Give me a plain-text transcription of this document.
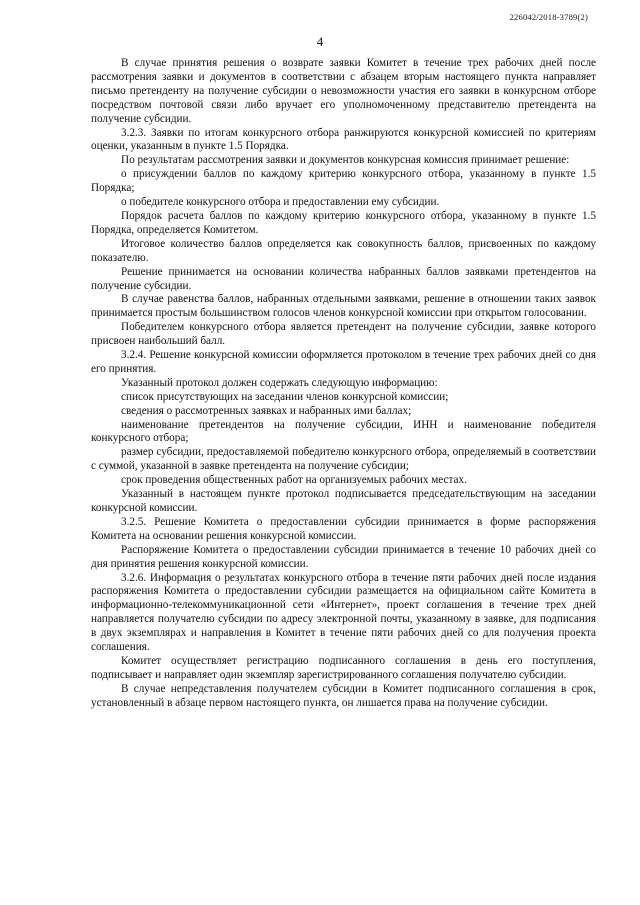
226042/2018-3789(2)
4

В случае принятия решения о возврате заявки Комитет в течение трех рабочих дней после рассмотрения заявки и документов в соответствии с абзацем вторым настоящего пункта направляет письмо претенденту на получение субсидии о невозможности участия его заявки в конкурсном отборе посредством почтовой связи либо вручает его уполномоченному представителю претендента на получение субсидии.

3.2.3. Заявки по итогам конкурсного отбора ранжируются конкурсной комиссией по критериям оценки, указанным в пункте 1.5 Порядка.

По результатам рассмотрения заявки и документов конкурсная комиссия принимает решение:

о присуждении баллов по каждому критерию конкурсного отбора, указанному в пункте 1.5 Порядка;

о победителе конкурсного отбора и предоставлении ему субсидии.

Порядок расчета баллов по каждому критерию конкурсного отбора, указанному в пункте 1.5 Порядка, определяется Комитетом.

Итоговое количество баллов определяется как совокупность баллов, присвоенных по каждому показателю.

Решение принимается на основании количества набранных баллов заявками претендентов на получение субсидии.

В случае равенства баллов, набранных отдельными заявками, решение в отношении таких заявок принимается простым большинством голосов членов конкурсной комиссии при открытом голосовании.

Победителем конкурсного отбора является претендент на получение субсидии, заявке которого присвоен наибольший балл.

3.2.4. Решение конкурсной комиссии оформляется протоколом в течение трех рабочих дней со дня его принятия.

Указанный протокол должен содержать следующую информацию:

список присутствующих на заседании членов конкурсной комиссии;

сведения о рассмотренных заявках и набранных ими баллах;

наименование претендентов на получение субсидии, ИНН и наименование победителя конкурсного отбора;

размер субсидии, предоставляемой победителю конкурсного отбора, определяемый в соответствии с суммой, указанной в заявке претендента на получение субсидии;

срок проведения общественных работ на организуемых рабочих местах.

Указанный в настоящем пункте протокол подписывается председательствующим на заседании конкурсной комиссии.

3.2.5. Решение Комитета о предоставлении субсидии принимается в форме распоряжения Комитета на основании решения конкурсной комиссии.

Распоряжение Комитета о предоставлении субсидии принимается в течение 10 рабочих дней со дня принятия решения конкурсной комиссии.

3.2.6. Информация о результатах конкурсного отбора в течение пяти рабочих дней после издания распоряжения Комитета о предоставлении субсидии размещается на официальном сайте Комитета в информационно-телекоммуникационной сети «Интернет», проект соглашения в течение трех дней направляется получателю субсидии по адресу электронной почты, указанному в заявке, для подписания в двух экземплярах и направления в Комитет в течение пяти рабочих дней со для получения проекта соглашения.

Комитет осуществляет регистрацию подписанного соглашения в день его поступления, подписывает и направляет один экземпляр зарегистрированного соглашения получателю субсидии.

В случае непредставления получателем субсидии в Комитет подписанного соглашения в срок, установленный в абзаце первом настоящего пункта, он лишается права на получение субсидии.
